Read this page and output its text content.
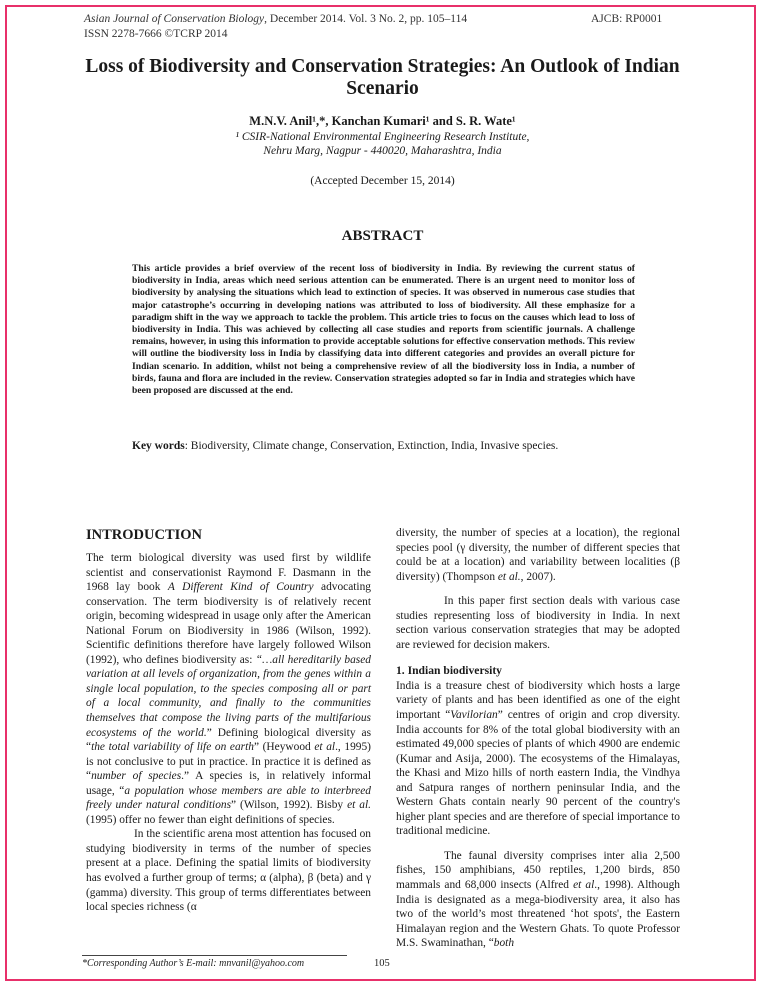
Asian Journal of Conservation Biology, December 2014. Vol. 3 No. 2, pp. 105–114
ISSN 2278-7666 ©TCRP 2014
AJCB: RP0001
Loss of Biodiversity and Conservation Strategies: An Outlook of Indian Scenario
M.N.V. Anil¹,*, Kanchan Kumari¹ and S. R. Wate¹
¹ CSIR-National Environmental Engineering Research Institute,
Nehru Marg, Nagpur - 440020, Maharashtra, India
(Accepted December 15, 2014)
ABSTRACT

This article provides a brief overview of the recent loss of biodiversity in India. By reviewing the current status of biodiversity in India, areas which need serious attention can be enumerated. There is an urgent need to monitor loss of biodiversity by analysing the situations which lead to extinction of species. It was observed in numerous case studies that major catastrophe’s occurring in developing nations was attributed to loss of biodiversity. All these emphasize for a paradigm shift in the way we approach to tackle the problem. This article tries to focus on the causes which lead to loss of biodiversity in India. This was achieved by collecting all case studies and reports from scientific journals. A challenge remains, however, in using this information to provide acceptable solutions for effective conservation methods. This review will outline the biodiversity loss in India by classifying data into different categories and provides an overall picture for Indian scenario. In addition, whilst not being a comprehensive review of all the biodiversity loss in India, a number of birds, fauna and flora are included in the review. Conservation strategies adopted so far in India and strategies which have been proposed are discussed at the end.

Key words: Biodiversity, Climate change, Conservation, Extinction, India, Invasive species.
INTRODUCTION

The term biological diversity was used first by wildlife scientist and conservationist Raymond F. Dasmann in the 1968 lay book A Different Kind of Country advocating conservation. The term biodiversity is of relatively recent origin, becoming widespread in usage only after the American National Forum on Biodiversity in 1986 (Wilson, 1992). Scientific definitions therefore have largely followed Wilson (1992), who defines biodiversity as: “…all hereditarily based variation at all levels of organization, from the genes within a single local population, to the species composing all or part of a local community, and finally to the communities themselves that compose the living parts of the multifarious ecosystems of the world.” Defining biological diversity as “the total variability of life on earth” (Heywood et al., 1995) is not conclusive to put in practice. In practice it is defined as “number of species.” A species is, in relatively informal usage, “a population whose members are able to interbreed freely under natural conditions” (Wilson, 1992). Bisby et al. (1995) offer no fewer than eight definitions of species.

In the scientific arena most attention has focused on studying biodiversity in terms of the number of species present at a place. Defining the spatial limits of biodiversity has evolved a further group of terms; α (alpha), β (beta) and γ (gamma) diversity. This group of terms differentiates between local species richness (α

diversity, the number of species at a location), the regional species pool (γ diversity, the number of different species that could be at a location) and variability between localities (β diversity) (Thompson et al., 2007).

In this paper first section deals with various case studies representing loss of biodiversity in India. In next section various conservation strategies that may be adopted are reviewed for decision makers.

1. Indian biodiversity

India is a treasure chest of biodiversity which hosts a large variety of plants and has been identified as one of the eight important “Vavilorian” centres of origin and crop diversity. India accounts for 8% of the total global biodiversity with an estimated 49,000 species of plants of which 4900 are endemic (Kumar and Asija, 2000). The ecosystems of the Himalayas, the Khasi and Mizo hills of north eastern India, the Vindhya and Satpura ranges of northern peninsular India, and the Western Ghats contain nearly 90 percent of the country's higher plant species and are therefore of special importance to traditional medicine.

The faunal diversity comprises inter alia 2,500 fishes, 150 amphibians, 450 reptiles, 1,200 birds, 850 mammals and 68,000 insects (Alfred et al., 1998). Although India is designated as a mega-biodiversity area, it also has two of the world’s most threatened ‘hot spots', the Eastern Himalayan region and the Western Ghats. To quote Professor M.S. Swaminathan, “both

*Corresponding Author’s E-mail: mnvanil@yahoo.com	105
